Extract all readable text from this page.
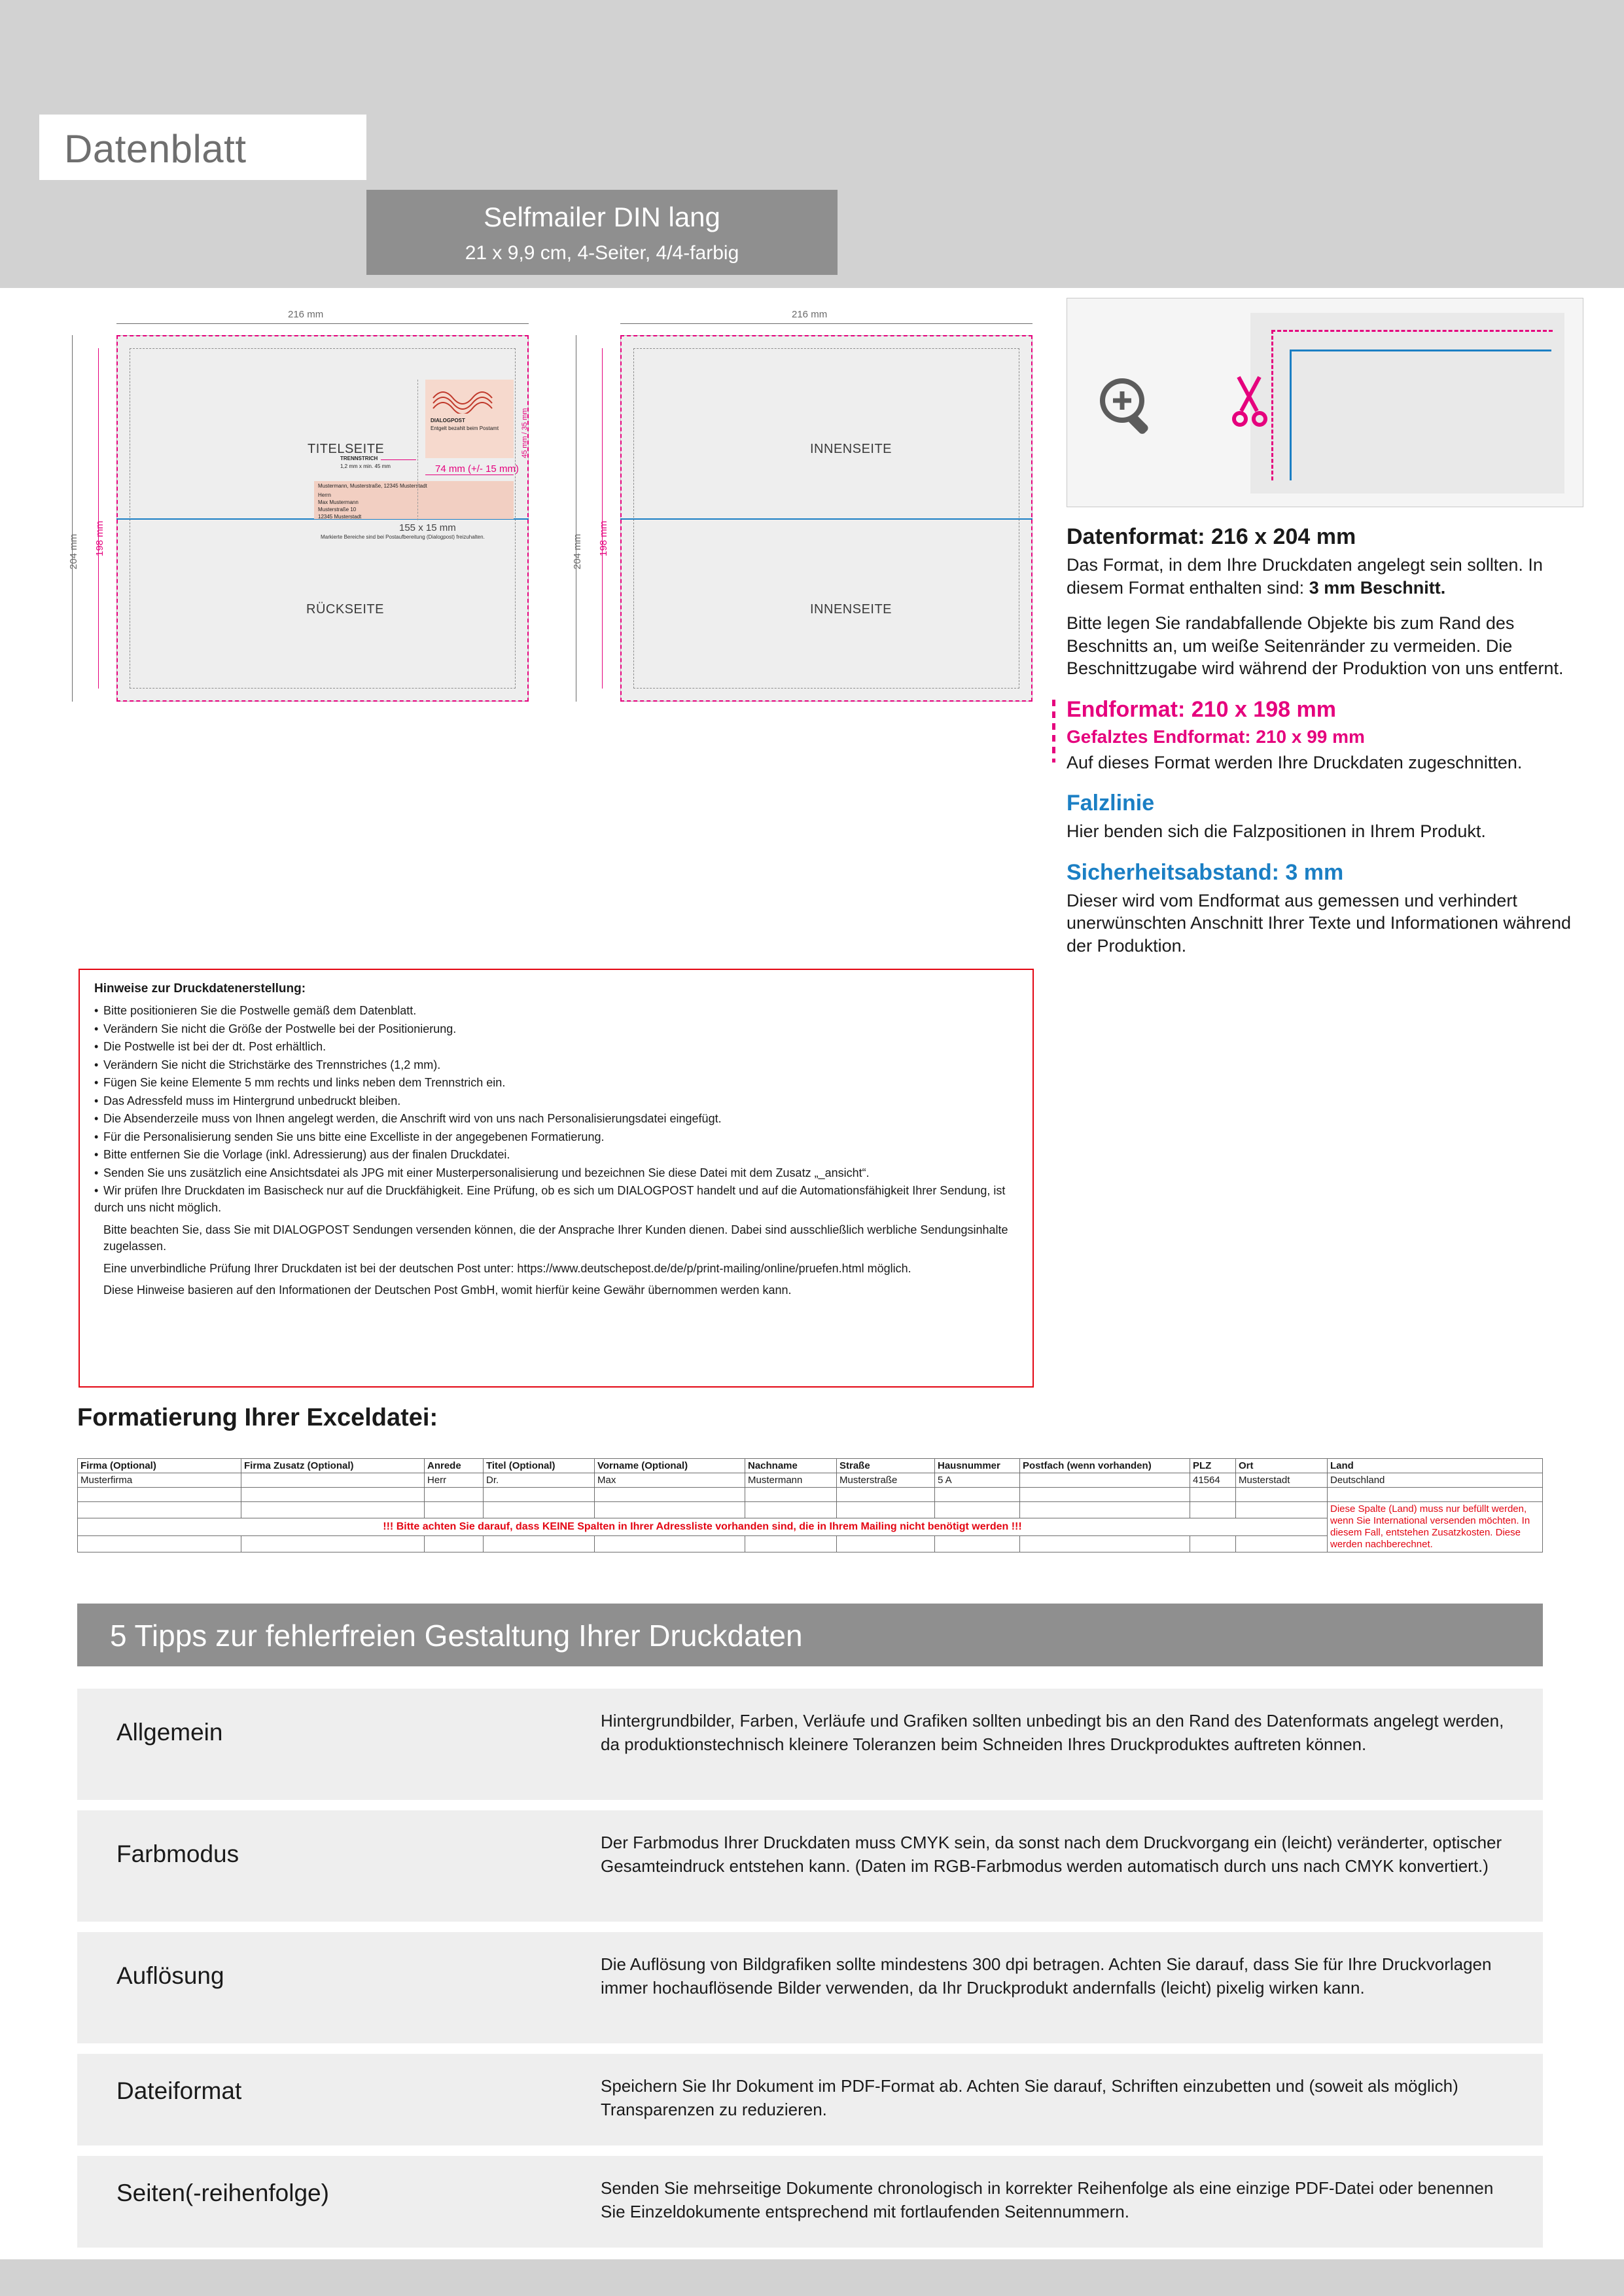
Datenblatt
Selfmailer DIN lang
21 x 9,9 cm, 4-Seiter, 4/4-farbig
216 mm
204 mm 198 mm
TITELSEITE
RÜCKSEITE
DIALOGPOST
Entgelt bezahlt beim Postamt
74 mm (+/- 15 mm)
45 mm / 35 mm
Mustermann, Musterstraße, 12345 Musterstadt
Herrn
Max Mustermann
Musterstraße 10
12345 Musterstadt
155 x 15 mm
Markierte Bereiche sind bei Postaufbereitung (Dialogpost) freizuhalten.
TRENNSTRICH
1,2 mm x min. 45 mm
216 mm
204 mm 198 mm
INNENSEITE
INNENSEITE
Datenformat: 216 x 204 mm

Das Format, in dem Ihre Druckdaten angelegt sein sollten. In diesem Format enthalten sind: 3 mm Beschnitt.

Bitte legen Sie randabfallende Objekte bis zum Rand des Beschnitts an, um weiße Seitenränder zu vermeiden. Die Beschnittzugabe wird während der Produktion von uns entfernt.

Endformat: 210 x 198 mm
Gefalztes Endformat: 210 x 99 mm

Auf dieses Format werden Ihre Druckdaten zugeschnitten.

Falzlinie

Hier benden sich die Falzpositionen in Ihrem Produkt.

Sicherheitsabstand: 3 mm

Dieser wird vom Endformat aus gemessen und verhindert unerwünschten Anschnitt Ihrer Texte und Informationen während der Produktion.

Hinweise zur Druckdatenerstellung:
• Bitte positionieren Sie die Postwelle gemäß dem Datenblatt.
• Verändern Sie nicht die Größe der Postwelle bei der Positionierung.
• Die Postwelle ist bei der dt. Post erhältlich.
• Verändern Sie nicht die Strichstärke des Trennstriches (1,2 mm).
• Fügen Sie keine Elemente 5 mm rechts und links neben dem Trennstrich ein.
• Das Adressfeld muss im Hintergrund unbedruckt bleiben.
• Die Absenderzeile muss von Ihnen angelegt werden, die Anschrift wird von uns nach Personalisierungsdatei eingefügt.
• Für die Personalisierung senden Sie uns bitte eine Excelliste in der angegebenen Formatierung.
• Bitte entfernen Sie die Vorlage (inkl. Adressierung) aus der finalen Druckdatei.
• Senden Sie uns zusätzlich eine Ansichtsdatei als JPG mit einer Musterpersonalisierung und bezeichnen Sie diese Datei mit dem Zusatz „_ansicht“.
• Wir prüfen Ihre Druckdaten im Basischeck nur auf die Druckfähigkeit. Eine Prüfung, ob es sich um DIALOGPOST handelt und auf die Automationsfähigkeit Ihrer Sendung, ist durch uns nicht möglich.
Bitte beachten Sie, dass Sie mit DIALOGPOST Sendungen versenden können, die der Ansprache Ihrer Kunden dienen. Dabei sind ausschließlich werbliche Sendungsinhalte zugelassen.
Eine unverbindliche Prüfung Ihrer Druckdaten ist bei der deutschen Post unter: https://www.deutschepost.de/de/p/print-mailing/online/pruefen.html möglich.
Diese Hinweise basieren auf den Informationen der Deutschen Post GmbH, womit hierfür keine Gewähr übernommen werden kann.
Formatierung Ihrer Exceldatei:
Firma (Optional)	Firma Zusatz (Optional)	Anrede	Titel (Optional)	Vorname (Optional)	Nachname	Straße	Hausnummer	Postfach (wenn vorhanden)	PLZ	Ort	Land
Musterfirma		Herr	Dr.	Max	Mustermann	Musterstraße	5 A		41564	Musterstadt	Deutschland

											Diese Spalte (Land) muss nur befüllt werden, wenn Sie International versenden möchten. In diesem Fall, entstehen Zusatzkosten. Diese werden nachberechnet.
!!! Bitte achten Sie darauf, dass KEINE Spalten in Ihrer Adressliste vorhanden sind, die in Ihrem Mailing nicht benötigt werden !!!											

5 Tipps zur fehlerfreien Gestaltung Ihrer Druckdaten
Allgemein	Hintergrundbilder, Farben, Verläufe und Grafiken sollten unbedingt bis an den Rand des Datenformats angelegt werden, da produktionstechnisch kleinere Toleranzen beim Schneiden Ihres Druckproduktes auftreten können.
Farbmodus	Der Farbmodus Ihrer Druckdaten muss CMYK sein, da sonst nach dem Druckvorgang ein (leicht) veränderter, optischer Gesamteindruck entstehen kann. (Daten im RGB-Farbmodus werden automatisch durch uns nach CMYK konvertiert.)
Auflösung	Die Auflösung von Bildgrafiken sollte mindestens 300 dpi betragen. Achten Sie darauf, dass Sie für Ihre Druckvorlagen immer hochauflösende Bilder verwenden, da Ihr Druckprodukt andernfalls (leicht) pixelig wirken kann.
Dateiformat	Speichern Sie Ihr Dokument im PDF-Format ab. Achten Sie darauf, Schriften einzubetten und (soweit als möglich) Transparenzen zu reduzieren.
Seiten(-reihenfolge)	Senden Sie mehrseitige Dokumente chronologisch in korrekter Reihenfolge als eine einzige PDF-Datei oder benennen Sie Einzeldokumente entsprechend mit fortlaufenden Seitennummern.
